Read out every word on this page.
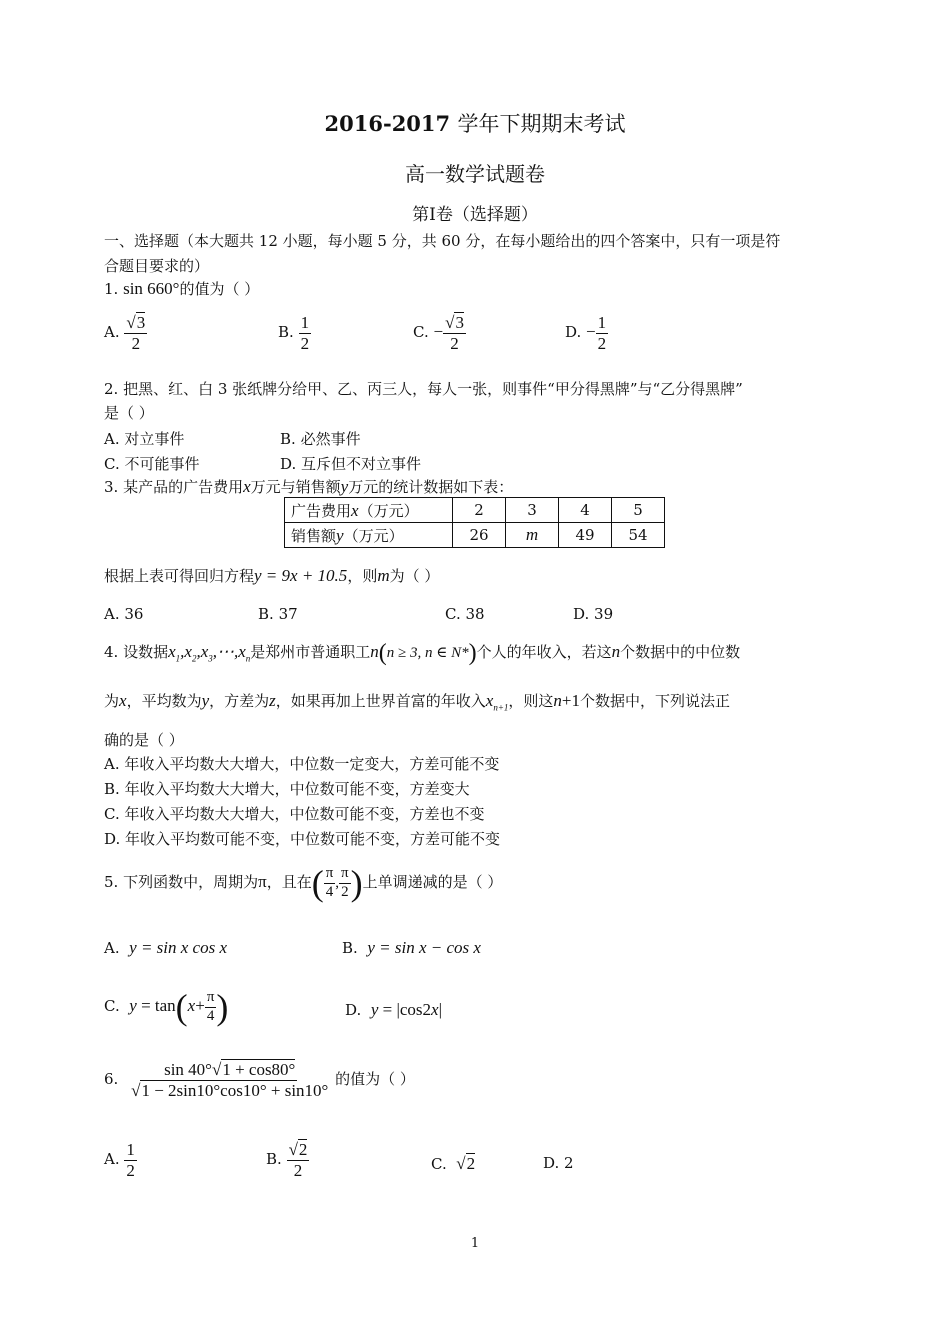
2016-2017 学年下期期末考试
高一数学试题卷
第Ⅰ卷（选择题）
一、选择题（本大题共 12 小题，每小题 5 分，共 60 分，在每小题给出的四个答案中，只有一项是符
合题目要求的）
1. sin 660°的值为（ ）
A. $\frac{√3}{2}$	B. $\frac{1}{2}$	C. − $\frac{√3}{2}$	D. − $\frac{1}{2}$
2. 把黑、红、白 3 张纸牌分给甲、乙、丙三人，每人一张，则事件“甲分得黑牌”与“乙分得黑牌”
是（ ）
A. 对立事件	B. 必然事件
C. 不可能事件	D. 互斥但不对立事件
3. 某产品的广告费用x万元与销售额y万元的统计数据如下表：
广告费用x（万元）	2	3	4	5
销售额y（万元）	26	m	49	54
根据上表可得回归方程y = 9x + 10.5，则m为（ ）
A. 36	B. 37	C. 38	D. 39
4. 设数据$x_1,x_2,x_3,\cdots,x_n$是郑州市普通职工n(n ≥ 3, n ∈ N*)个人的年收入，若这n个数据中的中位数
为x，平均数为y，方差为z，如果再加上世界首富的年收入$x_{n+1}$，则这n+1个数据中，下列说法正
确的是（ ）
A. 年收入平均数大大增大，中位数一定变大，方差可能不变
B. 年收入平均数大大增大，中位数可能不变，方差变大
C. 年收入平均数大大增大，中位数可能不变，方差也不变
D. 年收入平均数可能不变，中位数可能不变，方差可能不变
5. 下列函数中，周期为π，且在( $\frac{\pi}{4}$ , $\frac{\pi}{2}$ )上单调递减的是（ ）
A. y = sin x cos x	B. y = sin x − cos x
C. $y = \tan(x+ \frac{\pi}{4}$ )	D. y = |cos2x|
6. $\frac{\sin 40^\circ√1 + \cos 80^\circ}{√1 - 2\sin 10^\circ\cos 10^\circ + \sin 10^\circ}$ 的值为（ ）
A. $\frac{1}{2}$	B. $\frac{√2}{2}$	C. √2	D. 2
1
